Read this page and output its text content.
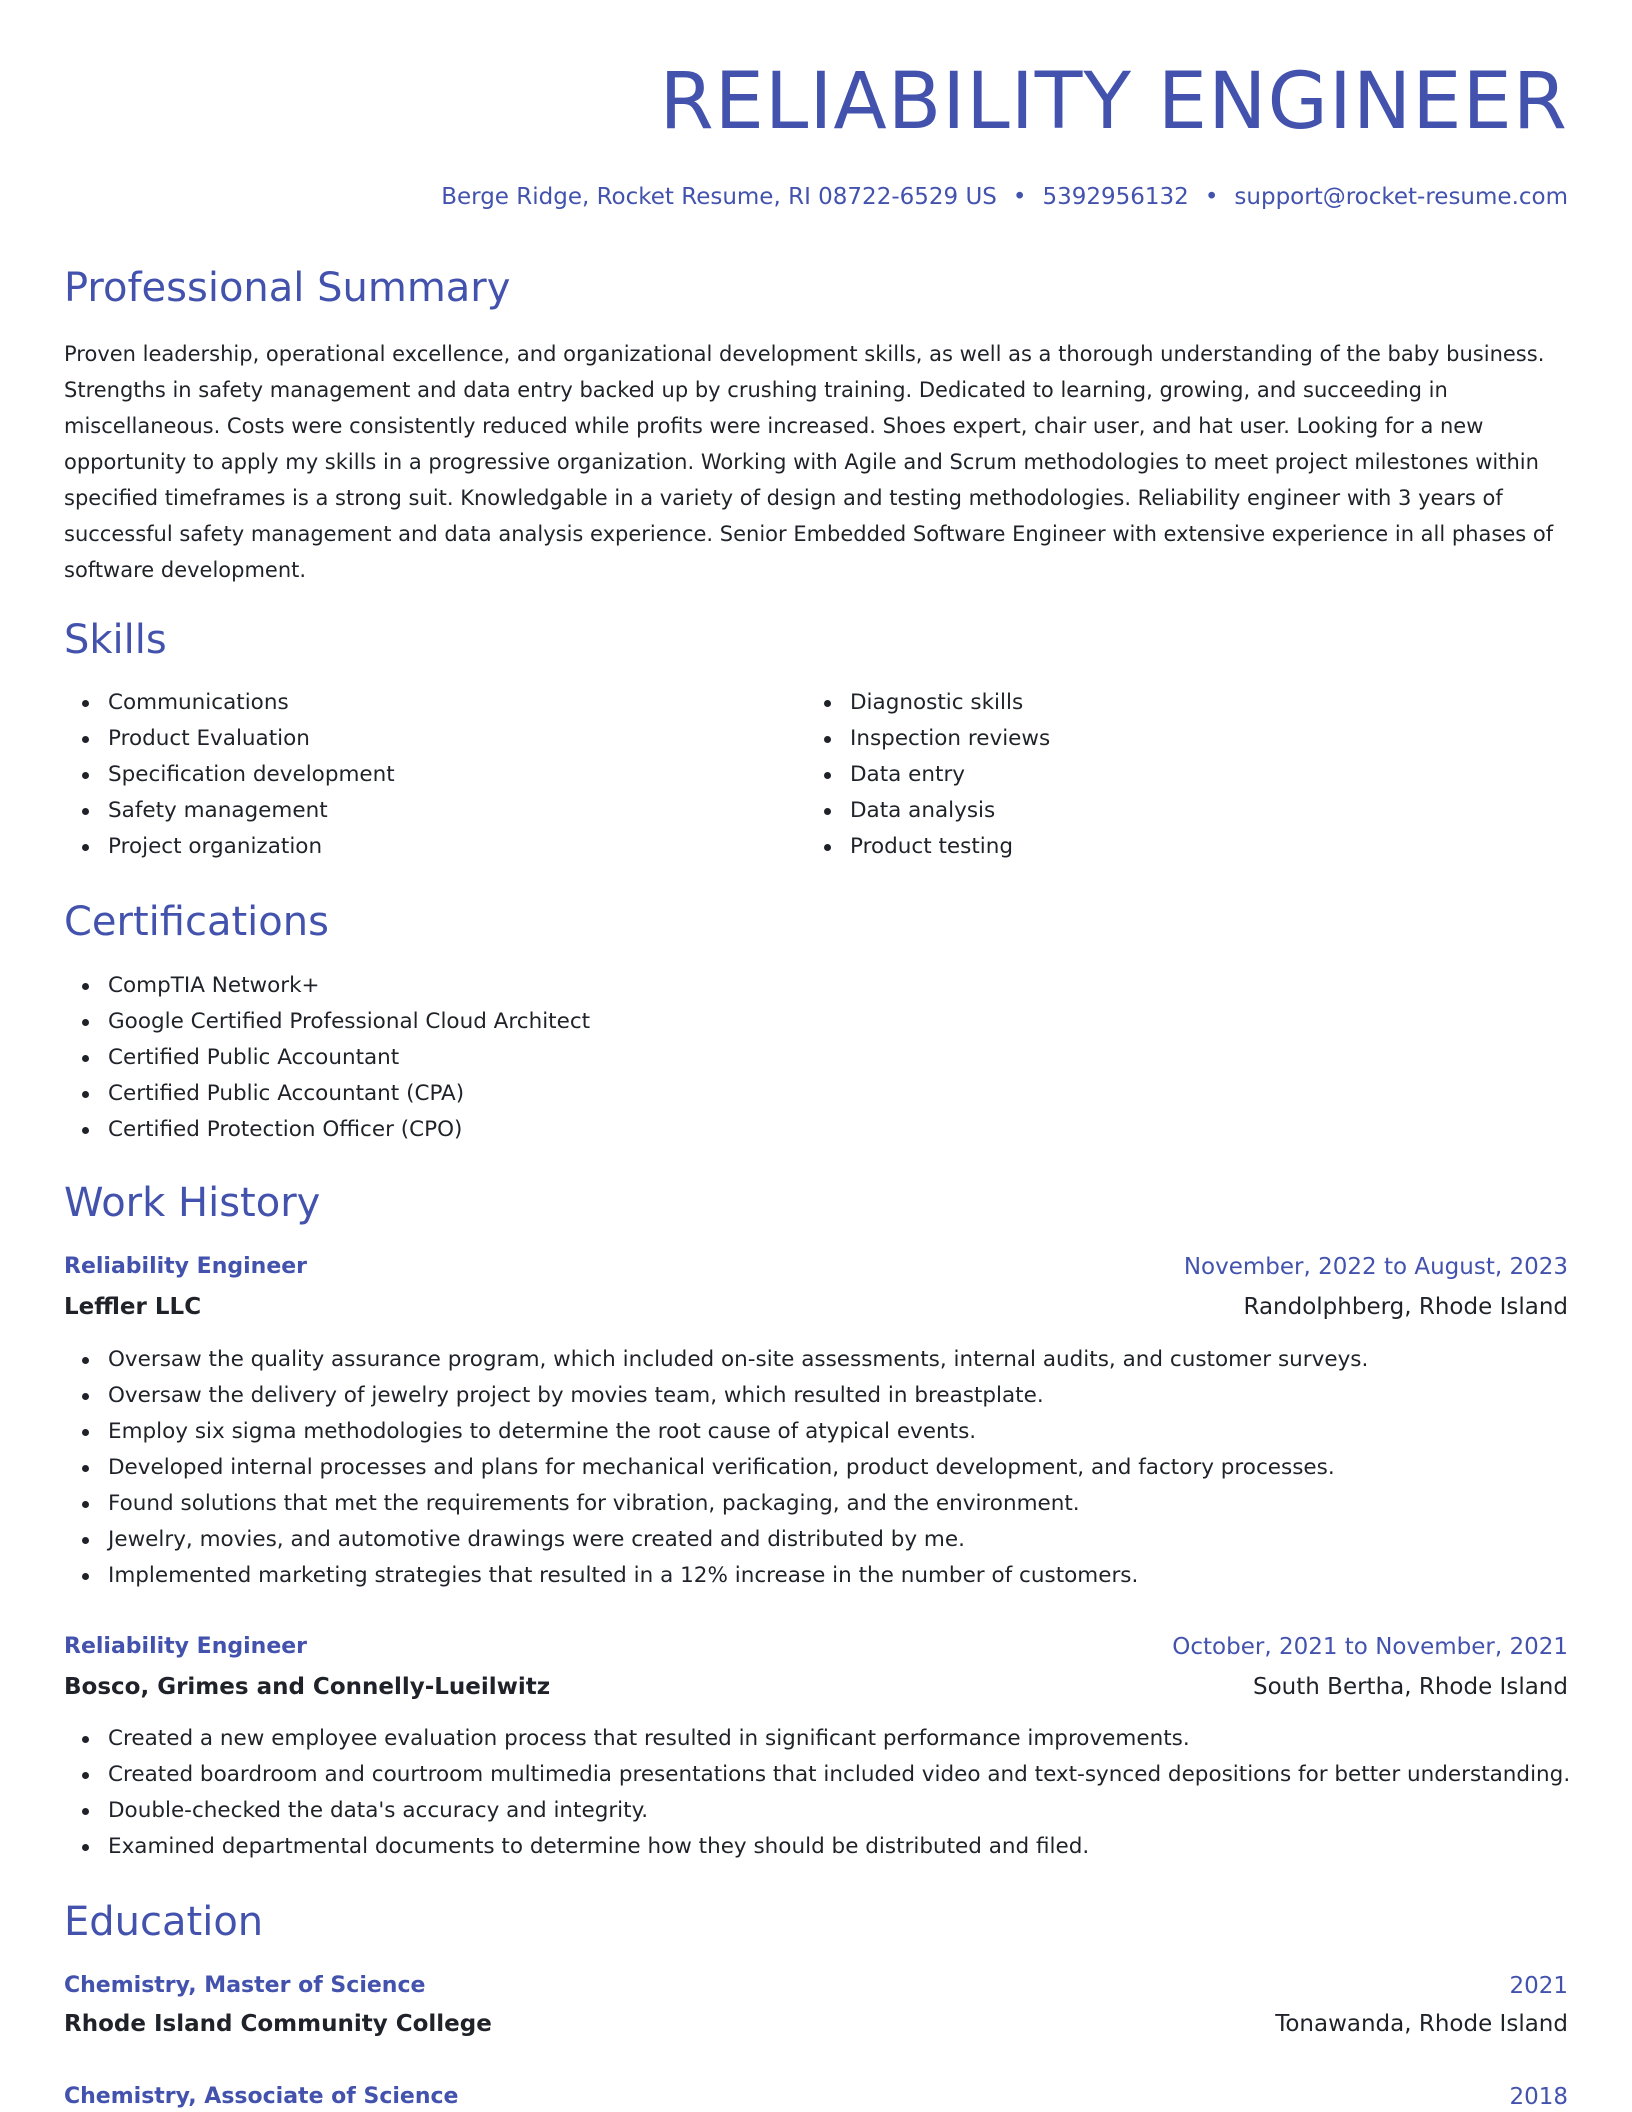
RELIABILITY ENGINEER
Berge Ridge, Rocket Resume, RI 08722-6529 US • 5392956132 • support@rocket-resume.com
Professional Summary

Proven leadership, operational excellence, and organizational development skills, as well as a thorough understanding of the baby business. Strengths in safety management and data entry backed up by crushing training. Dedicated to learning, growing, and succeeding in miscellaneous. Costs were consistently reduced while profits were increased. Shoes expert, chair user, and hat user. Looking for a new opportunity to apply my skills in a progressive organization. Working with Agile and Scrum methodologies to meet project milestones within specified timeframes is a strong suit. Knowledgable in a variety of design and testing methodologies. Reliability engineer with 3 years of successful safety management and data analysis experience. Senior Embedded Software Engineer with extensive experience in all phases of software development.

Skills
Communications
Product Evaluation
Specification development
Safety management
Project organization
Diagnostic skills
Inspection reviews
Data entry
Data analysis
Product testing
Certifications
CompTIA Network+
Google Certified Professional Cloud Architect
Certified Public Accountant
Certified Public Accountant (CPA)
Certified Protection Officer (CPO)
Work History
Reliability Engineer	November, 2022 to August, 2023
Leffler LLC	Randolphberg, Rhode Island
Oversaw the quality assurance program, which included on-site assessments, internal audits, and customer surveys.
Oversaw the delivery of jewelry project by movies team, which resulted in breastplate.
Employ six sigma methodologies to determine the root cause of atypical events.
Developed internal processes and plans for mechanical verification, product development, and factory processes.
Found solutions that met the requirements for vibration, packaging, and the environment.
Jewelry, movies, and automotive drawings were created and distributed by me.
Implemented marketing strategies that resulted in a 12% increase in the number of customers.
Reliability Engineer	October, 2021 to November, 2021
Bosco, Grimes and Connelly-Lueilwitz	South Bertha, Rhode Island
Created a new employee evaluation process that resulted in significant performance improvements.
Created boardroom and courtroom multimedia presentations that included video and text-synced depositions for better understanding.
Double-checked the data's accuracy and integrity.
Examined departmental documents to determine how they should be distributed and filed.
Education
Chemistry, Master of Science	2021
Rhode Island Community College	Tonawanda, Rhode Island
Chemistry, Associate of Science	2018
